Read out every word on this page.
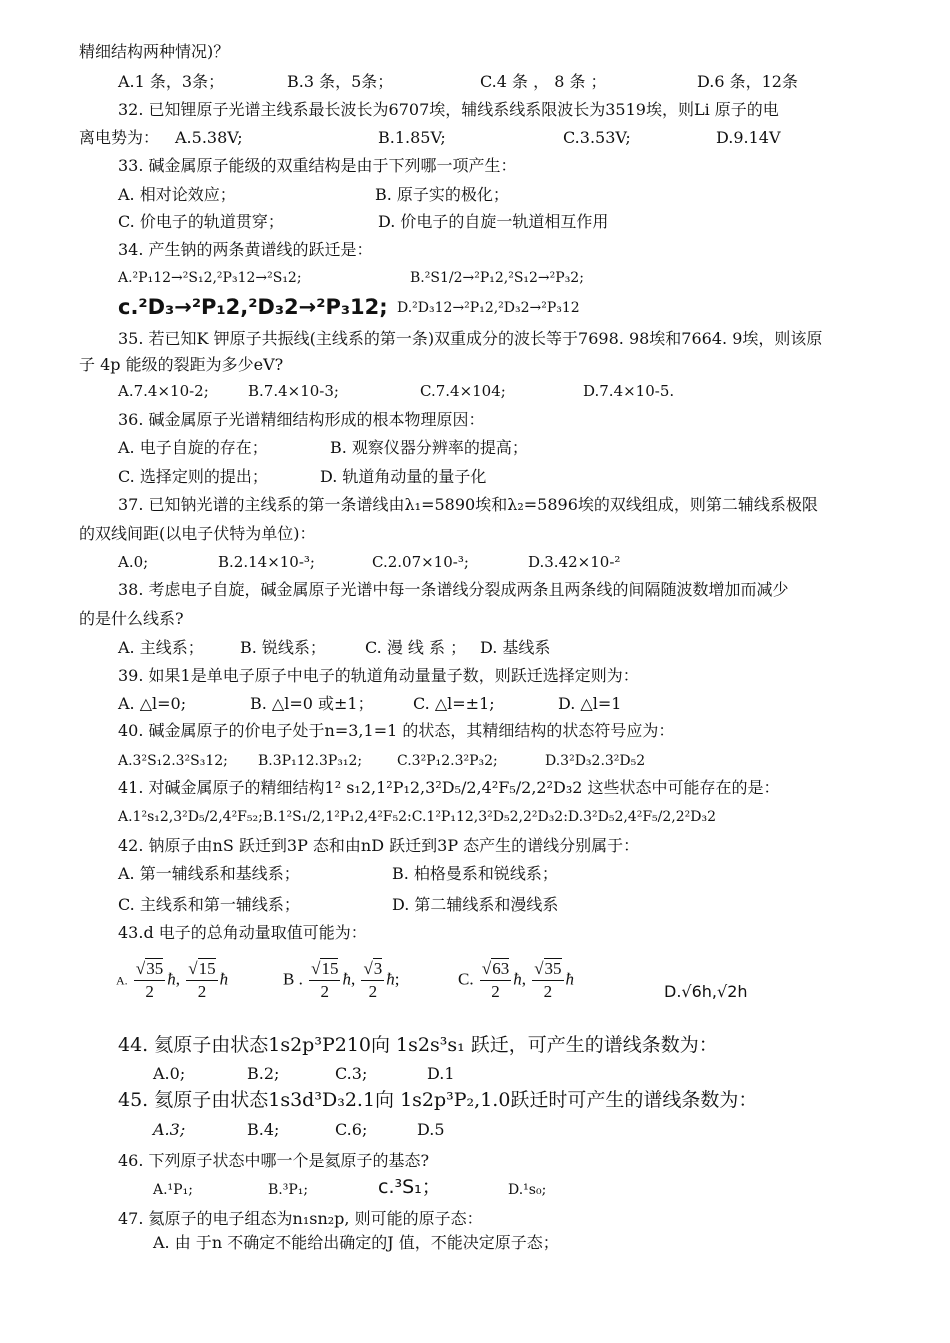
精细结构两种情况)？
A.1 条，3条；	B.3 条，5条；	C.4 条 ， 8 条 ；	D.6 条，12条
32. 已知锂原子光谱主线系最长波长为6707埃，辅线系线系限波长为3519埃，则Li 原子的电
离电势为： A.5.38V;	B.1.85V;	C.3.53V;	D.9.14V
33. 碱金属原子能级的双重结构是由于下列哪一项产生：
A. 相对论效应；	B. 原子实的极化；
C. 价电子的轨道贯穿；	D. 价电子的自旋一轨道相互作用
34. 产生钠的两条黄谱线的跃迁是：
A.²P₁12→²S₁2,²P₃12→²S₁2;	B.²S1/2→²P₁2,²S₁2→²P₃2;
c.²D₃→²P₁2,²D₃2→²P₃12; D.²D₃12→²P₁2,²D₃2→²P₃12
35. 若已知K 钾原子共振线(主线系的第一条)双重成分的波长等于7698. 98埃和7664. 9埃，则该原
子 4p 能级的裂距为多少eV?
A.7.4×10-2;	B.7.4×10-3;	C.7.4×104;	D.7.4×10-5.
36. 碱金属原子光谱精细结构形成的根本物理原因：
A. 电子自旋的存在；	B. 观察仪器分辨率的提高；
C. 选择定则的提出；	D. 轨道角动量的量子化
37. 已知钠光谱的主线系的第一条谱线由λ₁=5890埃和λ₂=5896埃的双线组成，则第二辅线系极限
的双线间距(以电子伏特为单位)：
A.0;	B.2.14×10-³;	C.2.07×10-³;	D.3.42×10-²
38. 考虑电子自旋，碱金属原子光谱中每一条谱线分裂成两条且两条线的间隔随波数增加而减少
的是什么线系?
A. 主线系； B. 锐线系； C. 漫 线 系 ； D. 基线系
39. 如果1是单电子原子中电子的轨道角动量量子数，则跃迁选择定则为：
A. △l=0;	B. △l=0 或±1； C. △l=±1;	D. △l=1
40. 碱金属原子的价电子处于n=3,1=1 的状态，其精细结构的状态符号应为：
A.3²S₁2.3²S₃12; B.3P₁12.3P₃₁2; C.3²P₁2.3²P₃2;	D.3²D₃2.3²D₅2
41. 对碱金属原子的精细结构1² s₁2,1²P₁2,3²D₅/2,4²F₅/2,2²D₃2 这些状态中可能存在的是：
A.1²s₁2,3²D₅/2,4²F₅₂;B.1²S₁/2,1²P₁2,4²F₅2:C.1²P₁12,3²D₅2,2²D₃2:D.3²D₅2,4²F₅/2,2²D₃2
42. 钠原子由nS 跃迁到3P 态和由nD 跃迁到3P 态产生的谱线分别属于：
A. 第一辅线系和基线系；	B. 柏格曼系和锐线系；
C. 主线系和第一辅线系；	D. 第二辅线系和漫线系
43.d 电子的总角动量取值可能为：
A. $\frac{√35}{2}$ ħ, $\frac{√15}{2}$ ħ	B . $\frac{√15}{2}$ ħ, $\frac{√3}{2}$ ħ;	C. $\frac{√63}{2}$ ħ, $\frac{√35}{2}$ ħ
D.√6h,√2h
44. 氦原子由状态1s2p³P210向 1s2s³s₁ 跃迁，可产生的谱线条数为：
A.0;	B.2;	C.3;	D.1
45. 氦原子由状态1s3d³D₃2.1向 1s2p³P₂,1.0跃迁时可产生的谱线条数为：
A.3;	B.4;	C.6;	D.5
46. 下列原子状态中哪一个是氦原子的基态?
A.¹P₁;	B.³P₁;	c.³S₁；	D.¹s₀;
47. 氦原子的电子组态为n₁sn₂p, 则可能的原子态：
A. 由 于n 不确定不能给出确定的J 值，不能决定原子态；
